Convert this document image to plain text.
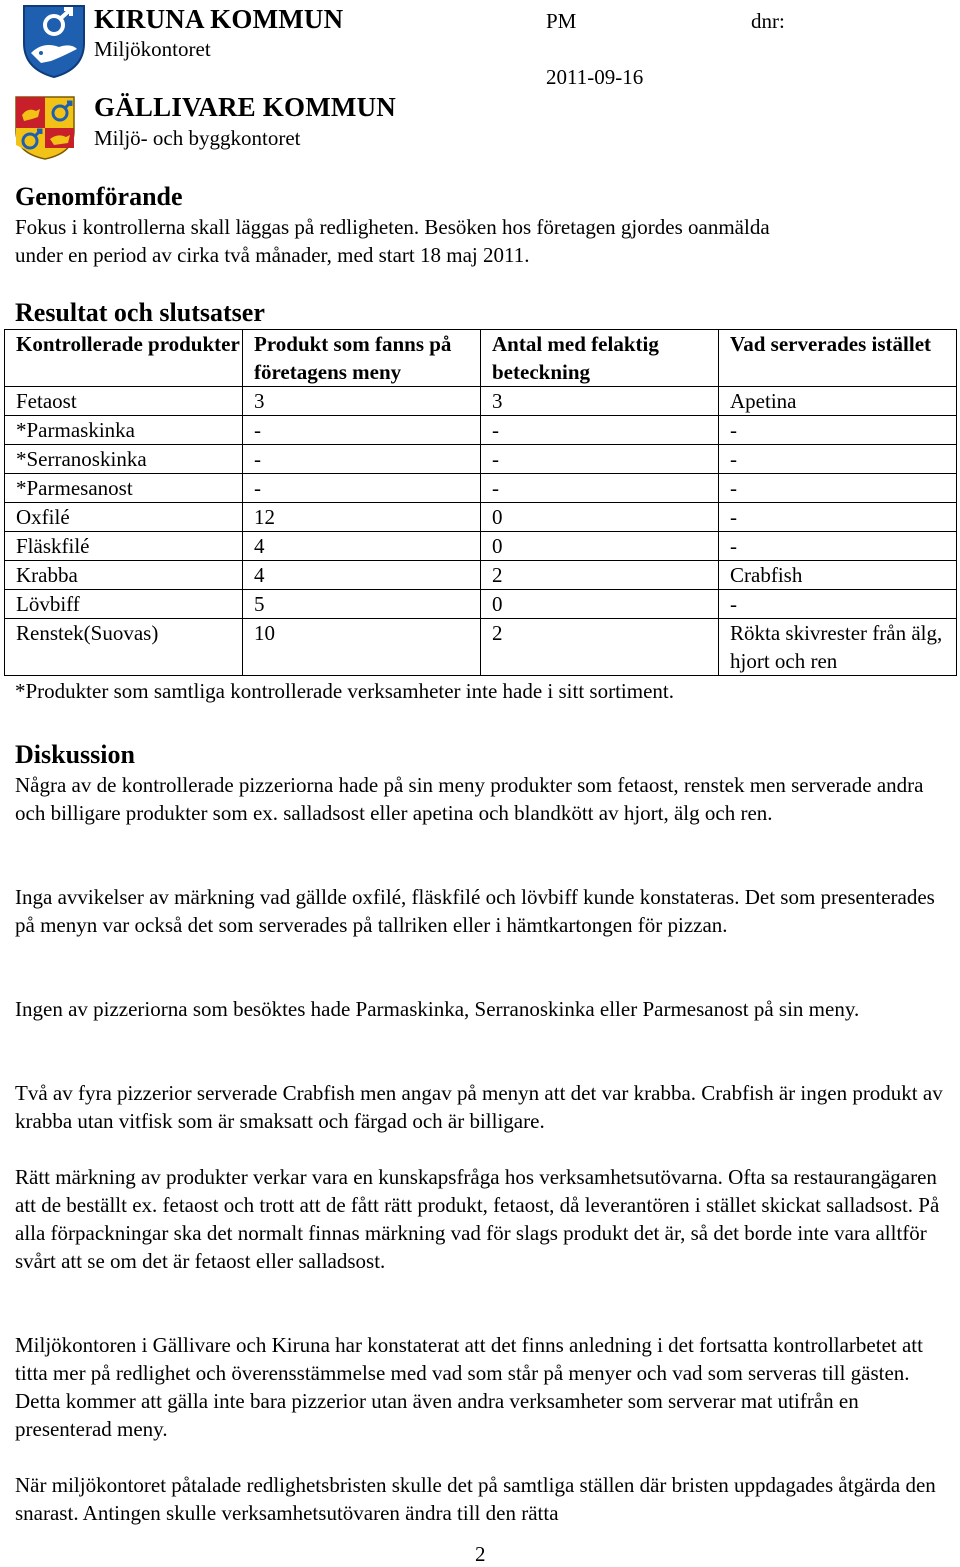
KIRUNA KOMMUN
Miljökontoret
GÄLLIVARE KOMMUN
Miljö- och byggkontoret
PM	dnr:
2011-09-16
Genomförande

Fokus i kontrollerna skall läggas på redligheten. Besöken hos företagen gjordes oanmälda

under en period av cirka två månader, med start 18 maj 2011.

Resultat och slutsatser
Kontrollerade produkter	Produkt som fanns på företagens meny	Antal med felaktig beteckning	Vad serverades istället
Fetaost	3	3	Apetina
*Parmaskinka	-	-	-
*Serranoskinka	-	-	-
*Parmesanost	-	-	-
Oxfilé	12	0	-
Fläskfilé	4	0	-
Krabba	4	2	Crabfish
Lövbiff	5	0	-
Renstek(Suovas)	10	2	Rökta skivrester från älg, hjort och ren
*Produkter som samtliga kontrollerade verksamheter inte hade i sitt sortiment.
Diskussion

Några av de kontrollerade pizzeriorna hade på sin meny produkter som fetaost, renstek men serverade andra och billigare produkter som ex. salladsost eller apetina och blandkött av hjort, älg och ren.

Inga avvikelser av märkning vad gällde oxfilé, fläskfilé och lövbiff kunde konstateras. Det som presenterades på menyn var också det som serverades på tallriken eller i hämtkartongen för pizzan.

Ingen av pizzeriorna som besöktes hade Parmaskinka, Serranoskinka eller Parmesanost på sin meny.

Två av fyra pizzerior serverade Crabfish men angav på menyn att det var krabba. Crabfish är ingen produkt av krabba utan vitfisk som är smaksatt och färgad och är billigare.

Rätt märkning av produkter verkar vara en kunskapsfråga hos verksamhetsutövarna. Ofta sa restaurangägaren att de beställt ex. fetaost och trott att de fått rätt produkt, fetaost, då leverantören i stället skickat salladsost. På alla förpackningar ska det normalt finnas märkning vad för slags produkt det är, så det borde inte vara alltför svårt att se om det är fetaost eller salladsost.

Miljökontoren i Gällivare och Kiruna har konstaterat att det finns anledning i det fortsatta kontrollarbetet att titta mer på redlighet och överensstämmelse med vad som står på menyer och vad som serveras till gästen. Detta kommer att gälla inte bara pizzerior utan även andra verksamheter som serverar mat utifrån en presenterad meny.

När miljökontoret påtalade redlighetsbristen skulle det på samtliga ställen där bristen uppdagades åtgärda den snarast. Antingen skulle verksamhetsutövaren ändra till den rätta

2
